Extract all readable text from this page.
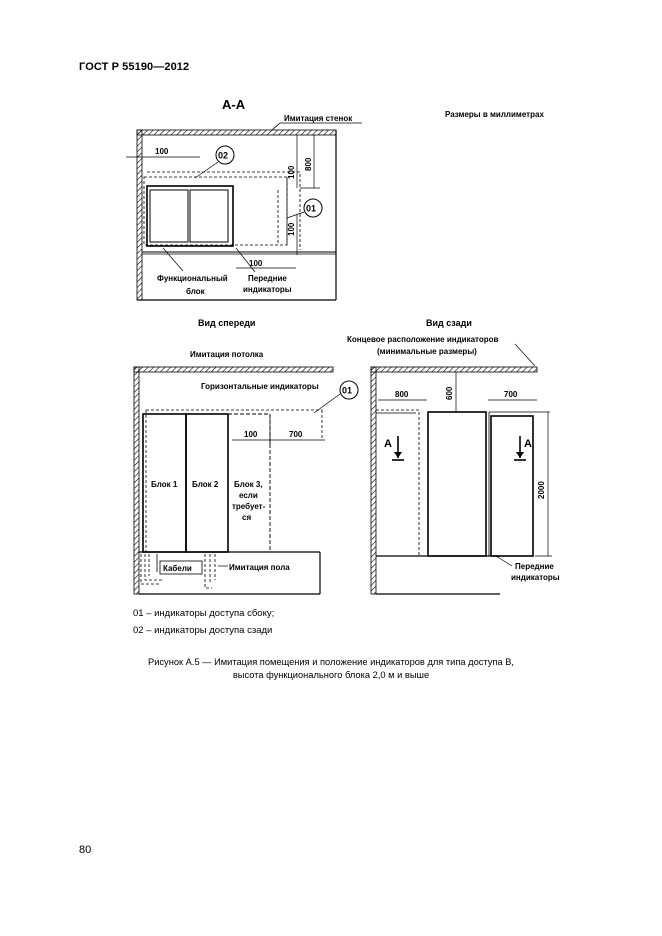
ГОСТ Р 55190—2012
А-А
Имитация стенок	Размеры в миллиметрах
100	02
100
800
01
100
100
Функциональный
блок
Передние
индикаторы
Вид спереди
Имитация потолка
Горизонтальные индикаторы	01
Блок 1 Блок 2 Блок 3,
если
требует-
ся
100	700
Кабели	Имитация пола
Вид сзади
Концевое расположение индикаторов
(минимальные размеры)
800	600	700
2000
А	А
Передние
индикаторы
01 – индикаторы доступа сбоку;
02 – индикаторы доступа сзади
Рисунок А.5 — Имитация помещения и положение индикаторов для типа доступа В,
высота функционального блока 2,0 м и выше
80
